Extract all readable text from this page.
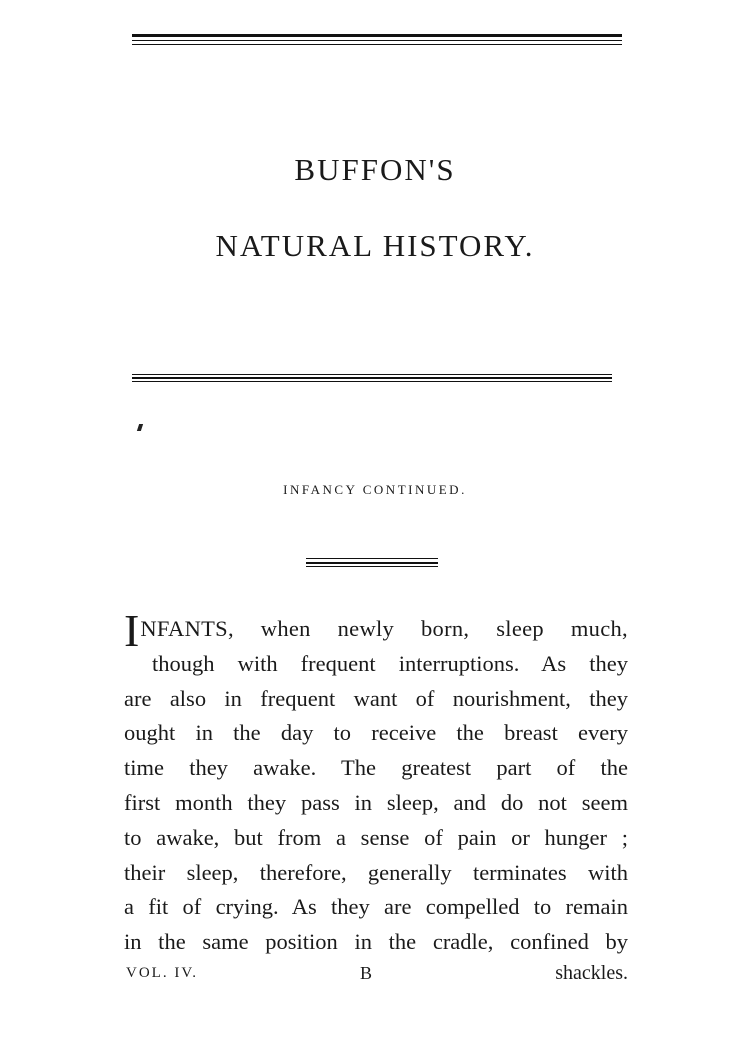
BUFFON'S
NATURAL HISTORY.
INFANCY CONTINUED.
INFANTS, when newly born, sleep much,
though with frequent interruptions. As they
are also in frequent want of nourishment, they
ought in the day to receive the breast every
time they awake. The greatest part of the
first month they pass in sleep, and do not seem
to awake, but from a sense of pain or hunger ;
their sleep, therefore, generally terminates with
a fit of crying. As they are compelled to remain
in the same position in the cradle, confined by
VOL. IV.	B	shackles.
